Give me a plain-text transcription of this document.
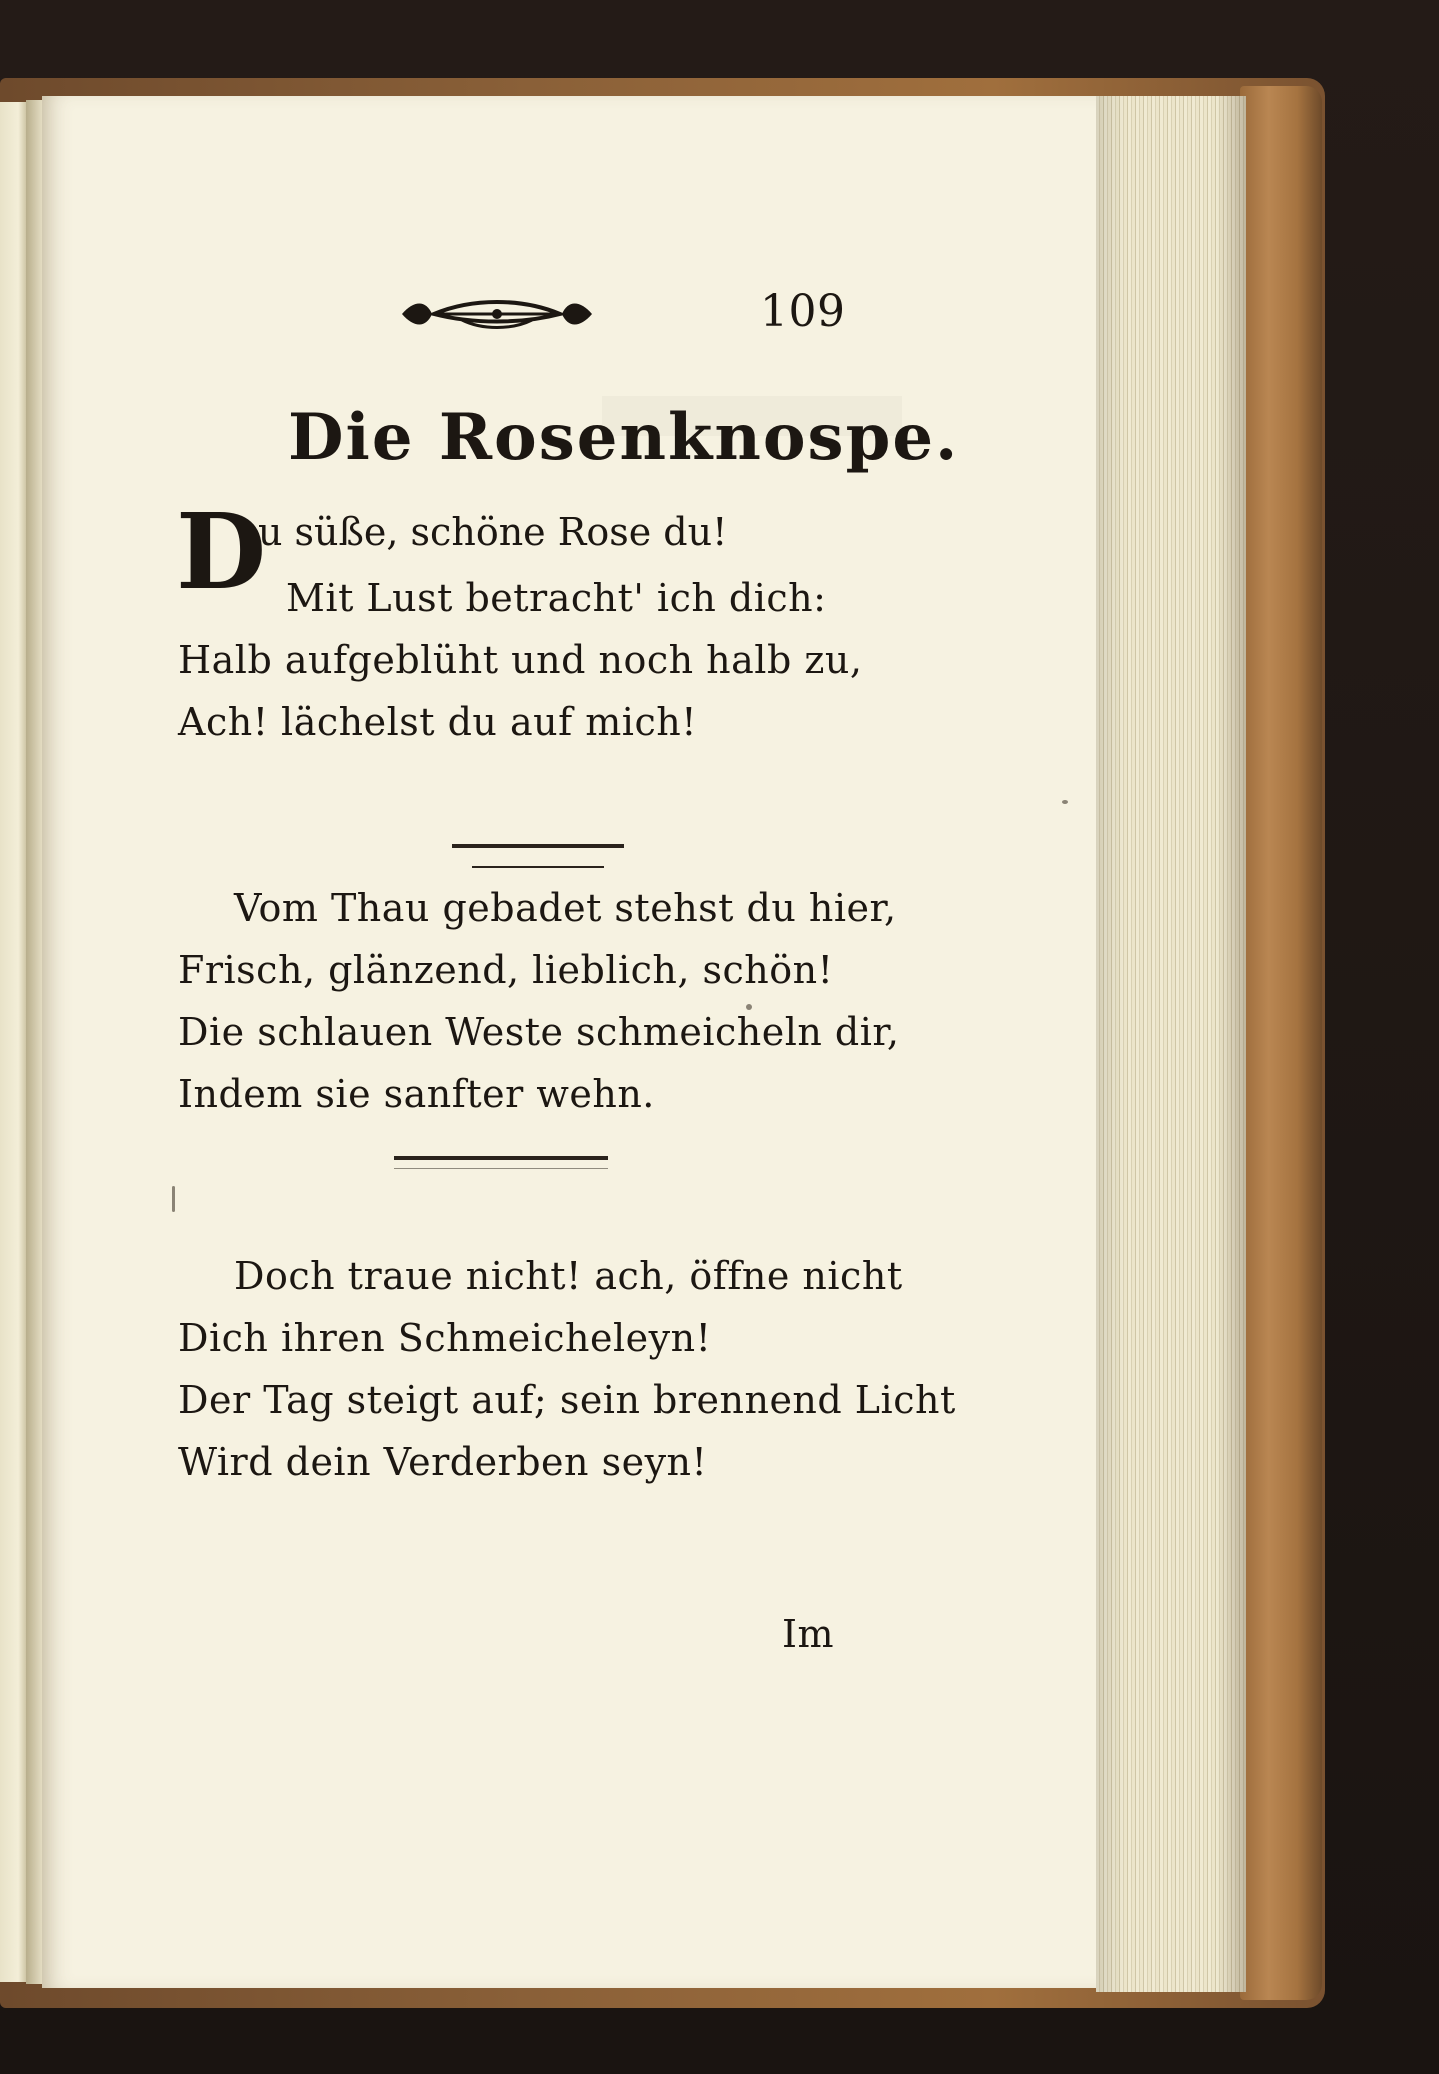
109
Die Rosenknospe.
D
u süße, schöne Rose du!
Mit Lust betracht' ich dich:
Halb aufgeblüht und noch halb zu,
Ach! lächelst du auf mich!
Vom Thau gebadet stehst du hier,
Frisch, glänzend, lieblich, schön!
Die schlauen Weste schmeicheln dir,
Indem sie sanfter wehn.
Doch traue nicht! ach, öffne nicht
Dich ihren Schmeicheleyn!
Der Tag steigt auf; sein brennend Licht
Wird dein Verderben seyn!
Im
